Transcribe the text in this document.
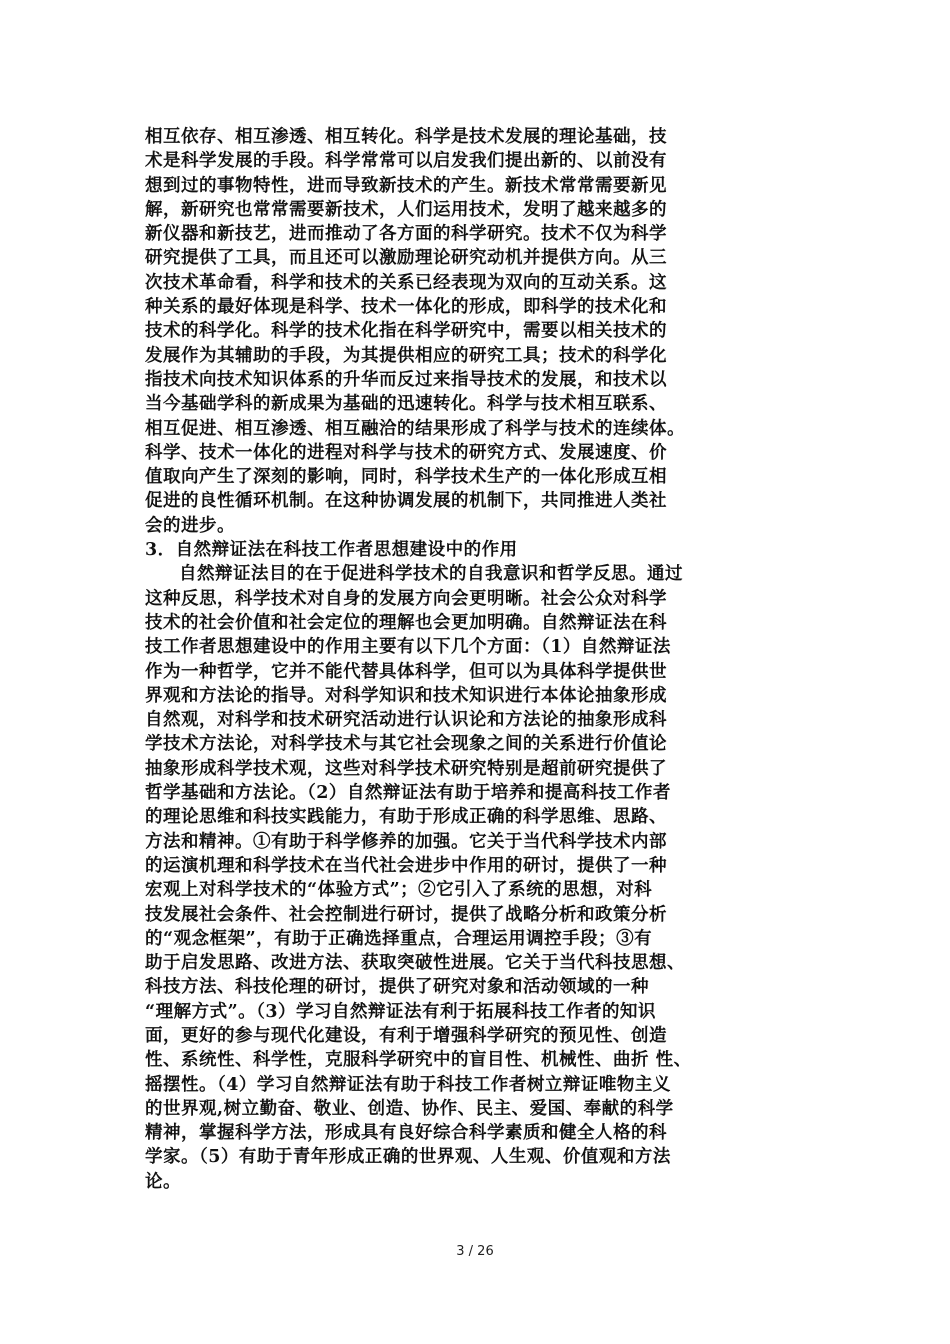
相互依存、相互渗透、相互转化。科学是技术发展的理论基础，技
术是科学发展的手段。科学常常可以启发我们提出新的、以前没有
想到过的事物特性，进而导致新技术的产生。新技术常常需要新见
解，新研究也常常需要新技术，人们运用技术，发明了越来越多的
新仪器和新技艺，进而推动了各方面的科学研究。技术不仅为科学
研究提供了工具，而且还可以激励理论研究动机并提供方向。从三
次技术革命看，科学和技术的关系已经表现为双向的互动关系。这
种关系的最好体现是科学、技术一体化的形成，即科学的技术化和
技术的科学化。科学的技术化指在科学研究中，需要以相关技术的
发展作为其辅助的手段，为其提供相应的研究工具；技术的科学化
指技术向技术知识体系的升华而反过来指导技术的发展，和技术以
当今基础学科的新成果为基础的迅速转化。科学与技术相互联系、
相互促进、相互渗透、相互融洽的结果形成了科学与技术的连续体。
科学、技术一体化的进程对科学与技术的研究方式、发展速度、价
值取向产生了深刻的影响，同时，科学技术生产的一体化形成互相
促进的良性循环机制。在这种协调发展的机制下，共同推进人类社
会的进步。
3．自然辩证法在科技工作者思想建设中的作用
自然辩证法目的在于促进科学技术的自我意识和哲学反思。通过
这种反思，科学技术对自身的发展方向会更明晰。社会公众对科学
技术的社会价值和社会定位的理解也会更加明确。自然辩证法在科
技工作者思想建设中的作用主要有以下几个方面：（1）自然辩证法
作为一种哲学，它并不能代替具体科学，但可以为具体科学提供世
界观和方法论的指导。对科学知识和技术知识进行本体论抽象形成
自然观，对科学和技术研究活动进行认识论和方法论的抽象形成科
学技术方法论，对科学技术与其它社会现象之间的关系进行价值论
抽象形成科学技术观，这些对科学技术研究特别是超前研究提供了
哲学基础和方法论。（2）自然辩证法有助于培养和提高科技工作者
的理论思维和科技实践能力，有助于形成正确的科学思维、思路、
方法和精神。①有助于科学修养的加强。它关于当代科学技术内部
的运演机理和科学技术在当代社会进步中作用的研讨，提供了一种
宏观上对科学技术的“体验方式”；②它引入了系统的思想，对科
技发展社会条件、社会控制进行研讨，提供了战略分析和政策分析
的“观念框架”，有助于正确选择重点，合理运用调控手段；③有
助于启发思路、改进方法、获取突破性进展。它关于当代科技思想、
科技方法、科技伦理的研讨，提供了研究对象和活动领域的一种
“理解方式”。（3）学习自然辩证法有利于拓展科技工作者的知识
面，更好的参与现代化建设，有利于增强科学研究的预见性、创造
性、系统性、科学性，克服科学研究中的盲目性、机械性、曲折 性、
摇摆性。（4）学习自然辩证法有助于科技工作者树立辩证唯物主义
的世界观,树立勤奋、敬业、创造、协作、民主、爱国、奉献的科学
精神，掌握科学方法，形成具有良好综合科学素质和健全人格的科
学家。（5）有助于青年形成正确的世界观、人生观、价值观和方法
论。
3 / 26
